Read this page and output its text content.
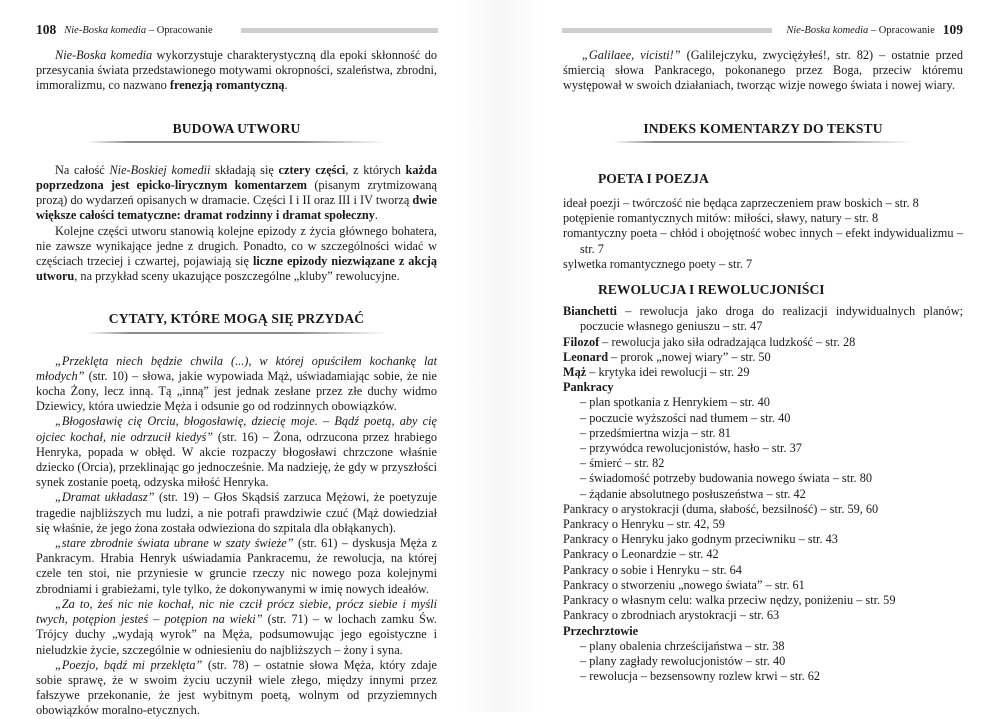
108 Nie-Boska komedia – Opracowanie

Nie-Boska komedia wykorzystuje charakterystyczną dla epoki skłonność do przesycania świata przedstawionego motywami okropności, szaleństwa, zbrodni, immoralizmu, co nazwano frenezją romantyczną.

BUDOWA UTWORU

Na całość Nie-Boskiej komedii składają się cztery części, z których każda poprzedzona jest epicko-lirycznym komentarzem (pisanym zrytmizowaną prozą) do wydarzeń opisanych w dramacie. Części I i II oraz III i IV tworzą dwie większe całości tematyczne: dramat rodzinny i dramat społeczny.

Kolejne części utworu stanowią kolejne epizody z życia głównego bohatera, nie zawsze wynikające jedne z drugich. Ponadto, co w szczególności widać w częściach trzeciej i czwartej, pojawiają się liczne epizody niezwiązane z akcją utworu, na przykład sceny ukazujące poszczególne „kluby” rewolucyjne.

CYTATY, KTÓRE MOGĄ SIĘ PRZYDAĆ

„Przeklęta niech będzie chwila (...), w której opuściłem kochankę lat młodych” (str. 10) – słowa, jakie wypowiada Mąż, uświadamiając sobie, że nie kocha Żony, lecz inną. Tą „inną” jest jednak zesłane przez złe duchy widmo Dziewicy, która uwiedzie Męża i odsunie go od rodzinnych obowiązków.

„Błogosławię cię Orciu, błogosławię, dziecię moje. – Bądź poetą, aby cię ojciec kochał, nie odrzucił kiedyś” (str. 16) – Żona, odrzucona przez hrabiego Henryka, popada w obłęd. W akcie rozpaczy błogosławi chrzczone właśnie dziecko (Orcia), przeklinając go jednocześnie. Ma nadzieję, że gdy w przyszłości synek zostanie poetą, odzyska miłość Henryka.

„Dramat układasz” (str. 19) – Głos Skądsiś zarzuca Mężowi, że poetyzuje tragedie najbliższych mu ludzi, a nie potrafi prawdziwie czuć (Mąż dowiedział się właśnie, że jego żona została odwieziona do szpitala dla obłąkanych).

„stare zbrodnie świata ubrane w szaty świeże” (str. 61) – dyskusja Męża z Pankracym. Hrabia Henryk uświadamia Pankracemu, że rewolucja, na której czele ten stoi, nie przyniesie w gruncie rzeczy nic nowego poza kolejnymi zbrodniami i grabieżami, tyle tylko, że dokonywanymi w imię nowych ideałów.

„Za to, żeś nic nie kochał, nic nie czcił prócz siebie, prócz siebie i myśli twych, potępion jesteś – potępion na wieki” (str. 71) – w lochach zamku Św. Trójcy duchy „wydają wyrok” na Męża, podsumowując jego egoistyczne i nieludzkie życie, szczególnie w odniesieniu do najbliższych – żony i syna.

„Poezjo, bądź mi przeklęta” (str. 78) – ostatnie słowa Męża, który zdaje sobie sprawę, że w swoim życiu uczynił wiele złego, między innymi przez fałszywe przekonanie, że jest wybitnym poetą, wolnym od przyziemnych obowiązków moralno-etycznych.

Nie-Boska komedia – Opracowanie 109

„Galilaee, vicisti!” (Galilejczyku, zwyciężyłeś!, str. 82) – ostatnie przed śmiercią słowa Pankracego, pokonanego przez Boga, przeciw któremu występował w swoich działaniach, tworząc wizje nowego świata i nowej wiary.

INDEKS KOMENTARZY DO TEKSTU
POETA I POEZJA
ideał poezji – twórczość nie będąca zaprzeczeniem praw boskich – str. 8
potępienie romantycznych mitów: miłości, sławy, natury – str. 8
romantyczny poeta – chłód i obojętność wobec innych – efekt indywidualizmu – str. 7
sylwetka romantycznego poety – str. 7
REWOLUCJA I REWOLUCJONIŚCI
Bianchetti – rewolucja jako droga do realizacji indywidualnych planów; poczucie własnego geniuszu – str. 47
Filozof – rewolucja jako siła odradzająca ludzkość – str. 28
Leonard – prorok „nowej wiary” – str. 50
Mąż – krytyka idei rewolucji – str. 29
Pankracy
– plan spotkania z Henrykiem – str. 40
– poczucie wyższości nad tłumem – str. 40
– przedśmiertna wizja – str. 81
– przywódca rewolucjonistów, hasło – str. 37
– śmierć – str. 82
– świadomość potrzeby budowania nowego świata – str. 80
– żądanie absolutnego posłuszeństwa – str. 42
Pankracy o arystokracji (duma, słabość, bezsilność) – str. 59, 60
Pankracy o Henryku – str. 42, 59
Pankracy o Henryku jako godnym przeciwniku – str. 43
Pankracy o Leonardzie – str. 42
Pankracy o sobie i Henryku – str. 64
Pankracy o stworzeniu „nowego świata” – str. 61
Pankracy o własnym celu: walka przeciw nędzy, poniżeniu – str. 59
Pankracy o zbrodniach arystokracji – str. 63
Przechrztowie
– plany obalenia chrześcijaństwa – str. 38
– plany zagłady rewolucjonistów – str. 40
– rewolucja – bezsensowny rozlew krwi – str. 62
